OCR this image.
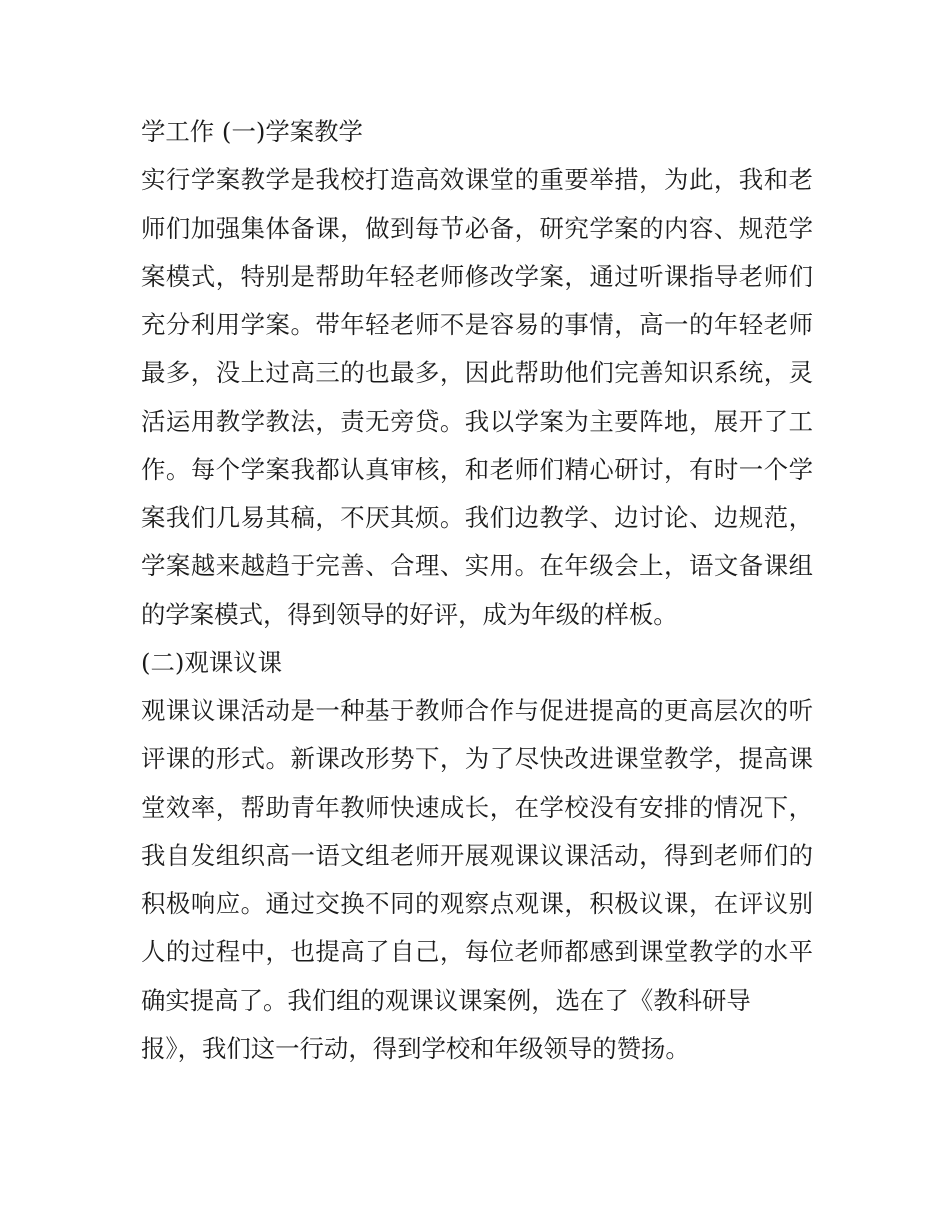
学工作 (一)学案教学
实行学案教学是我校打造高效课堂的重要举措，为此，我和老
师们加强集体备课，做到每节必备，研究学案的内容、规范学
案模式，特别是帮助年轻老师修改学案，通过听课指导老师们
充分利用学案。带年轻老师不是容易的事情，高一的年轻老师
最多，没上过高三的也最多，因此帮助他们完善知识系统，灵
活运用教学教法，责无旁贷。我以学案为主要阵地，展开了工
作。每个学案我都认真审核，和老师们精心研讨，有时一个学
案我们几易其稿，不厌其烦。我们边教学、边讨论、边规范，
学案越来越趋于完善、合理、实用。在年级会上，语文备课组
的学案模式，得到领导的好评，成为年级的样板。
(二)观课议课
观课议课活动是一种基于教师合作与促进提高的更高层次的听
评课的形式。新课改形势下，为了尽快改进课堂教学，提高课
堂效率，帮助青年教师快速成长，在学校没有安排的情况下，
我自发组织高一语文组老师开展观课议课活动，得到老师们的
积极响应。通过交换不同的观察点观课，积极议课，在评议别
人的过程中，也提高了自己，每位老师都感到课堂教学的水平
确实提高了。我们组的观课议课案例，选在了《教科研导
报》，我们这一行动，得到学校和年级领导的赞扬。
